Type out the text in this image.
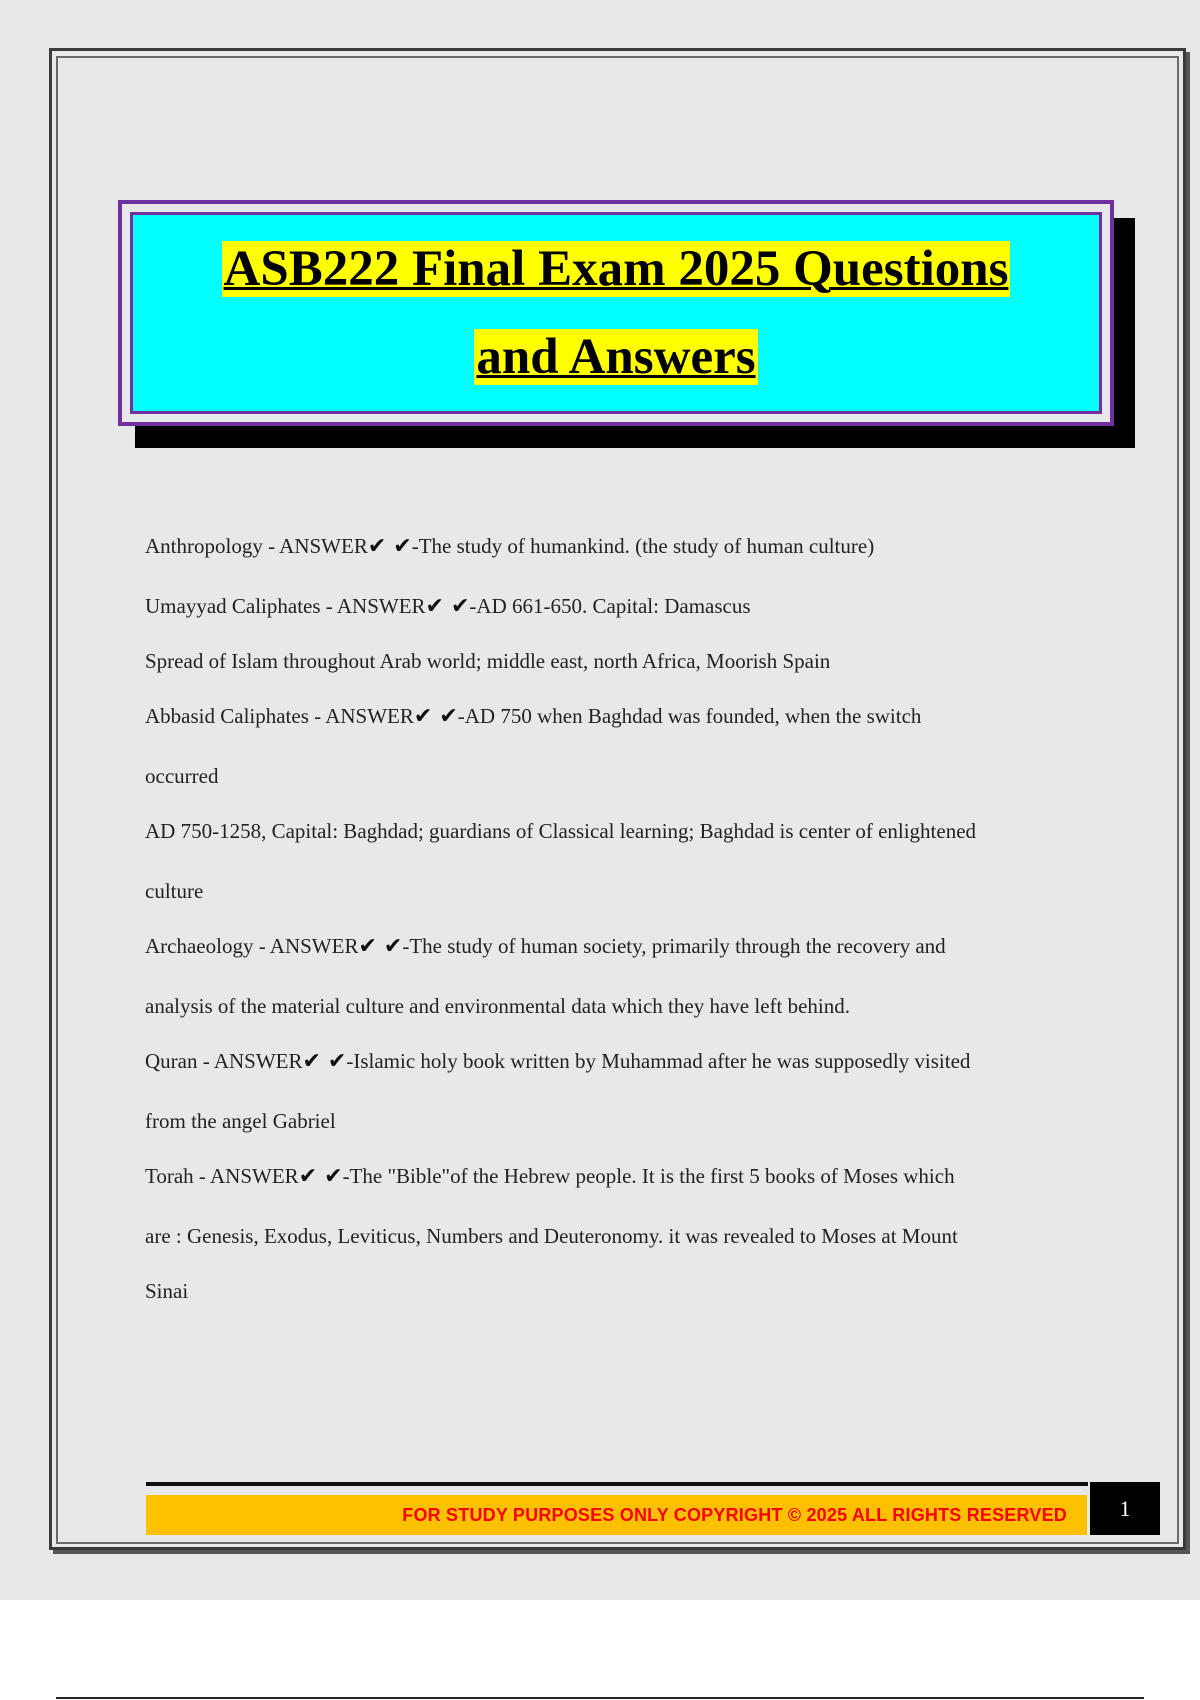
ASB222 Final Exam 2025 Questions
and Answers
Anthropology - ANSWER✔ ✔-The study of humankind. (the study of human culture)
Umayyad Caliphates - ANSWER✔ ✔-AD 661-650. Capital: Damascus
Spread of Islam throughout Arab world; middle east, north Africa, Moorish Spain
Abbasid Caliphates - ANSWER✔ ✔-AD 750 when Baghdad was founded, when the switch
occurred
AD 750-1258, Capital: Baghdad; guardians of Classical learning; Baghdad is center of enlightened
culture
Archaeology - ANSWER✔ ✔-The study of human society, primarily through the recovery and
analysis of the material culture and environmental data which they have left behind.
Quran - ANSWER✔ ✔-Islamic holy book written by Muhammad after he was supposedly visited
from the angel Gabriel
Torah - ANSWER✔ ✔-The "Bible"of the Hebrew people. It is the first 5 books of Moses which
are : Genesis, Exodus, Leviticus, Numbers and Deuteronomy. it was revealed to Moses at Mount
Sinai
FOR STUDY PURPOSES ONLY COPYRIGHT © 2025 ALL RIGHTS RESERVED	1
